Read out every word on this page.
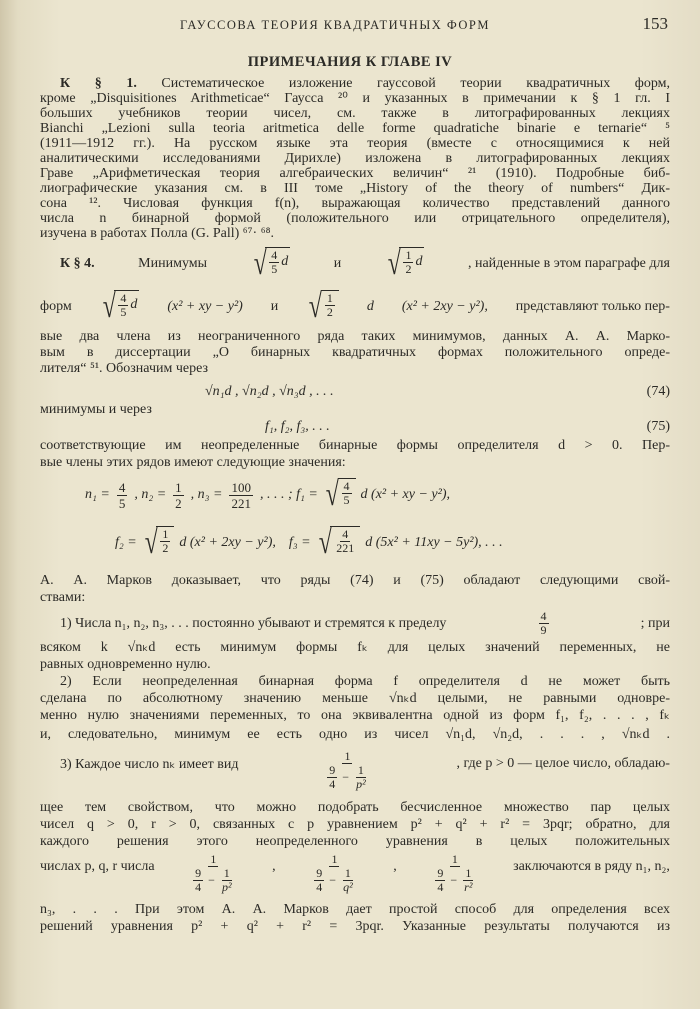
ГАУССОВА ТЕОРИЯ КВАДРАТИЧНЫХ ФОРМ	153
ПРИМЕЧАНИЯ К ГЛАВЕ IV
К § 1. Систематическое изложение гауссовой теории квадратичных форм,
кроме „Disquisitiones Arithmeticae“ Гаусса ²⁰ и указанных в примечании к § 1 гл. I
больших учебников теории чисел, см. также в литографированных лекциях
Bianchi „Lezioni sulla teoria aritmetica delle forme quadratiche binarie e ternarie“ ⁵
(1911—1912 гг.). На русском языке эта теория (вместе с относящимися к ней
аналитическими исследованиями Дирихле) изложена в литографированных лекциях
Граве „Арифметическая теория алгебраических величин“ ²¹ (1910). Подробные биб-
лиографические указания см. в III томе „History of the theory of numbers“ Дик-
сона ¹². Числовая функция f(n), выражающая количество представлений данного
числа n бинарной формой (положительного или отрицательного определителя),
изучена в работах Полла (G. Pall) ⁶⁷· ⁶⁸.
К § 4.	Минимумы √ $\frac{4}{5}$ d	и √ $\frac{1}{2}$ d	, найденные в этом параграфе для
форм √ $\frac{4}{5}$ d (x² + xy − y²) и √ $\frac{1}{2}$ d (x² + 2xy − y²), представляют только пер-
вые два члена из неограниченного ряда таких минимумов, данных А. А. Марко-
вым в диссертации „О бинарных квадратичных формах положительного опреде-
лителя“ ⁵¹. Обозначим через
√n₁d , √n₂d , √n₃d , . . .	(74)
минимумы и через
f₁, f₂, f₃, . . .	(75)
соответствующие им неопределенные бинарные формы определителя d > 0. Пер-
вые члены этих рядов имеют следующие значения:
$n_1 = \frac{4}{5}$ , $n_2 = \frac{1}{2}$ , $n_3 = \frac{100}{221}$ , . . . ; f₁ = √ $\frac{4}{5}$ d (x² + xy − y²),
f₂ = √ $\frac{1}{2}$ d (x² + 2xy − y²), f₃ = √ $\frac{4}{221}$ d (5x² + 11xy − 5y²), . . .
А. А. Марков доказывает, что ряды (74) и (75) обладают следующими свой-
ствами:
1) Числа n₁, n₂, n₃, . . . постоянно убывают и стремятся к пределу	$\frac{4}{9}$	; при
всяком k √nₖd есть минимум формы fₖ для целых значений переменных, не
равных одновременно нулю.
2) Если неопределенная бинарная форма f определителя d не может быть
сделана по абсолютному значению меньше √nₖd целыми, не равными одновре-
менно нулю значениями переменных, то она эквивалентна одной из форм f₁, f₂, . . . , fₖ
и, следовательно, минимум ее есть одно из чисел √n₁d, √n₂d, . . . , √nₖd .
3) Каждое число nₖ имеет вид	$\frac{1}{\frac{9}{4} - \frac{1}{\text{p²}}}$	, где p > 0 — целое число, обладаю-
щее тем свойством, что можно подобрать бесчисленное множество пар целых
чисел q > 0, r > 0, связанных с p уравнением p² + q² + r² = 3pqr; обратно, для
каждого решения этого неопределенного уравнения в целых положительных
числах p, q, r числа	$\frac{1}{\frac{9}{4} - \frac{1}{\text{p²}}}$ ,	$\frac{1}{\frac{9}{4} - \frac{1}{\text{q²}}}$ ,	$\frac{1}{\frac{9}{4} - \frac{1}{\text{r²}}}$ заключаются в ряду n₁, n₂,
n₃, . . . При этом А. А. Марков дает простой способ для определения всех
решений уравнения p² + q² + r² = 3pqr. Указанные результаты получаются из
